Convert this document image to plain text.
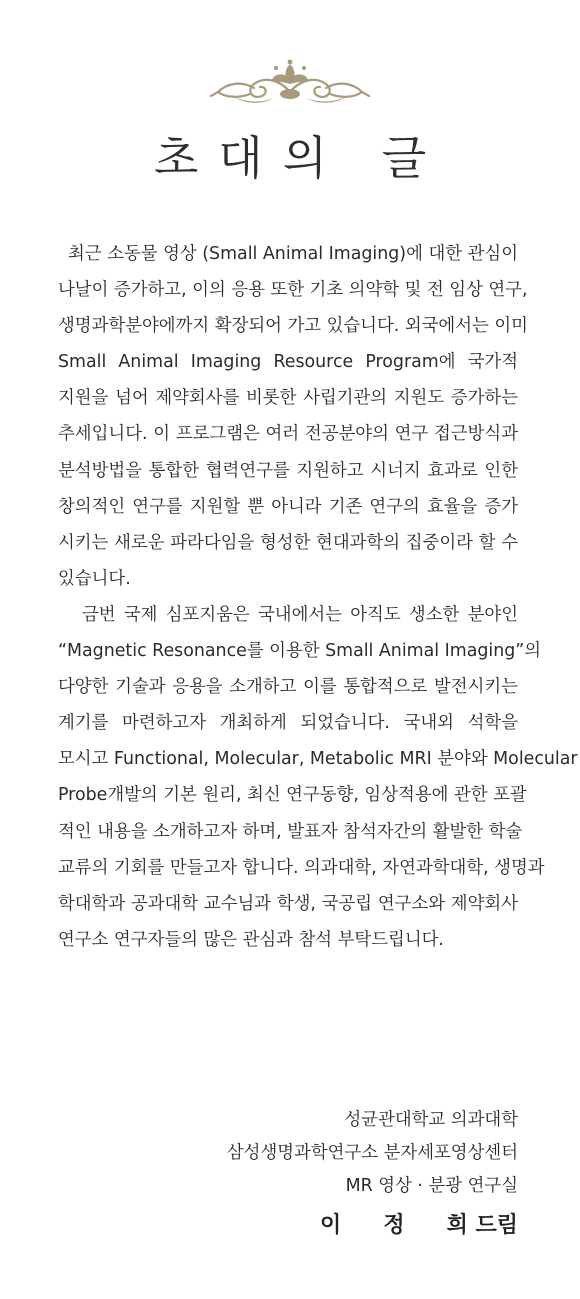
초대의 글

최근 소동물 영상 (Small Animal Imaging)에 대한 관심이
나날이 증가하고, 이의 응용 또한 기초 의약학 및 전 임상 연구,
생명과학분야에까지 확장되어 가고 있습니다. 외국에서는 이미
Small Animal Imaging Resource Program에 국가적
지원을 넘어 제약회사를 비롯한 사립기관의 지원도 증가하는
추세입니다. 이 프로그램은 여러 전공분야의 연구 접근방식과
분석방법을 통합한 협력연구를 지원하고 시너지 효과로 인한
창의적인 연구를 지원할 뿐 아니라 기존 연구의 효율을 증가
시키는 새로운 파라다임을 형성한 현대과학의 집중이라 할 수
있습니다.

금번 국제 심포지움은 국내에서는 아직도 생소한 분야인
“Magnetic Resonance를 이용한 Small Animal Imaging”의
다양한 기술과 응용을 소개하고 이를 통합적으로 발전시키는
계기를 마련하고자 개최하게 되었습니다. 국내외 석학을
모시고 Functional, Molecular, Metabolic MRI 분야와 Molecular
Probe개발의 기본 원리, 최신 연구동향, 임상적용에 관한 포괄
적인 내용을 소개하고자 하며, 발표자 참석자간의 활발한 학술
교류의 기회를 만들고자 합니다. 의과대학, 자연과학대학, 생명과
학대학과 공과대학 교수님과 학생, 국공립 연구소와 제약회사
연구소 연구자들의 많은 관심과 참석 부탁드립니다.

성균관대학교 의과대학
삼성생명과학연구소 분자세포영상센터
MR 영상 · 분광 연구실
이 정 희 드림
